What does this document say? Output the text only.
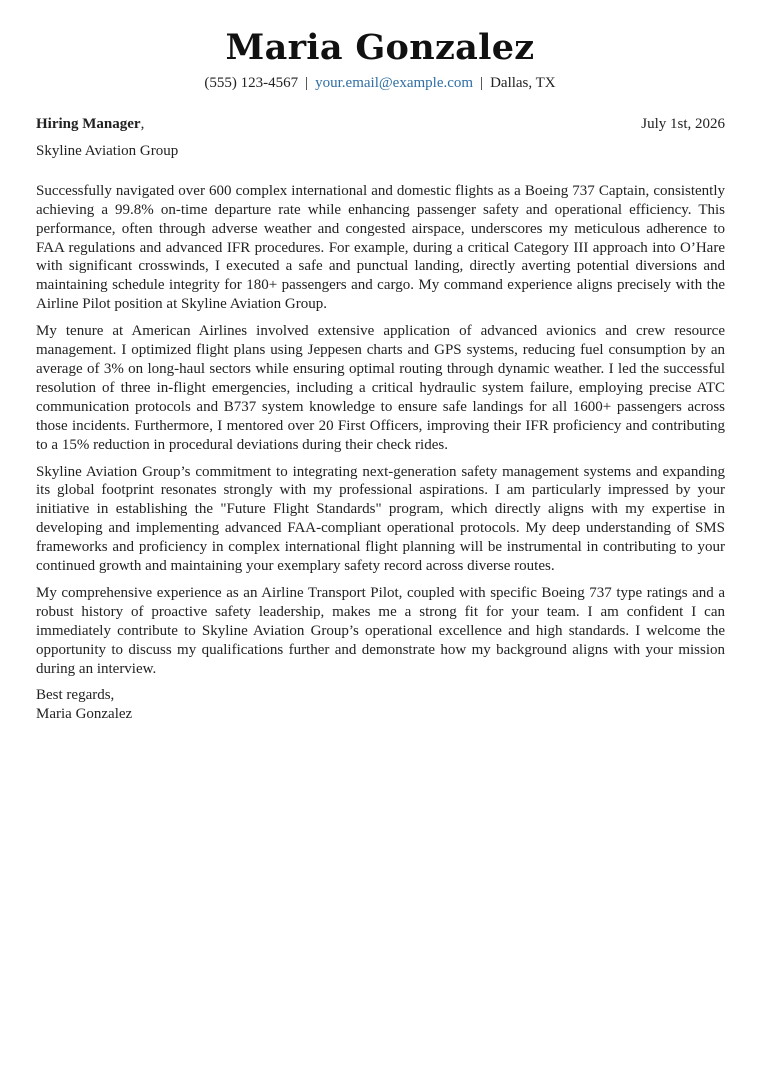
Maria Gonzalez
(555) 123-4567 | your.email@example.com | Dallas, TX
Hiring Manager,	July 1st, 2026
Skyline Aviation Group

Successfully navigated over 600 complex international and domestic flights as a Boeing 737 Captain, consistently achieving a 99.8% on-time departure rate while enhancing passenger safety and operational efficiency. This performance, often through adverse weather and congested airspace, underscores my meticulous adherence to FAA regulations and advanced IFR procedures. For example, during a critical Category III approach into O’Hare with significant crosswinds, I executed a safe and punctual landing, directly averting potential diversions and maintaining schedule integrity for 180+ passengers and cargo. My command experience aligns precisely with the Airline Pilot position at Skyline Aviation Group.

My tenure at American Airlines involved extensive application of advanced avionics and crew resource management. I optimized flight plans using Jeppesen charts and GPS systems, reducing fuel consumption by an average of 3% on long-haul sectors while ensuring optimal routing through dynamic weather. I led the successful resolution of three in-flight emergencies, including a critical hydraulic system failure, employing precise ATC communication protocols and B737 system knowledge to ensure safe landings for all 1600+ passengers across those incidents. Furthermore, I mentored over 20 First Officers, improving their IFR proficiency and contributing to a 15% reduction in procedural deviations during their check rides.

Skyline Aviation Group’s commitment to integrating next-generation safety management systems and expanding its global footprint resonates strongly with my professional aspirations. I am particularly impressed by your initiative in establishing the "Future Flight Standards" program, which directly aligns with my expertise in developing and implementing advanced FAA-compliant operational protocols. My deep understanding of SMS frameworks and proficiency in complex international flight planning will be instrumental in contributing to your continued growth and maintaining your exemplary safety record across diverse routes.

My comprehensive experience as an Airline Transport Pilot, coupled with specific Boeing 737 type ratings and a robust history of proactive safety leadership, makes me a strong fit for your team. I am confident I can immediately contribute to Skyline Aviation Group’s operational excellence and high standards. I welcome the opportunity to discuss my qualifications further and demonstrate how my background aligns with your mission during an interview.

Best regards,
Maria Gonzalez
